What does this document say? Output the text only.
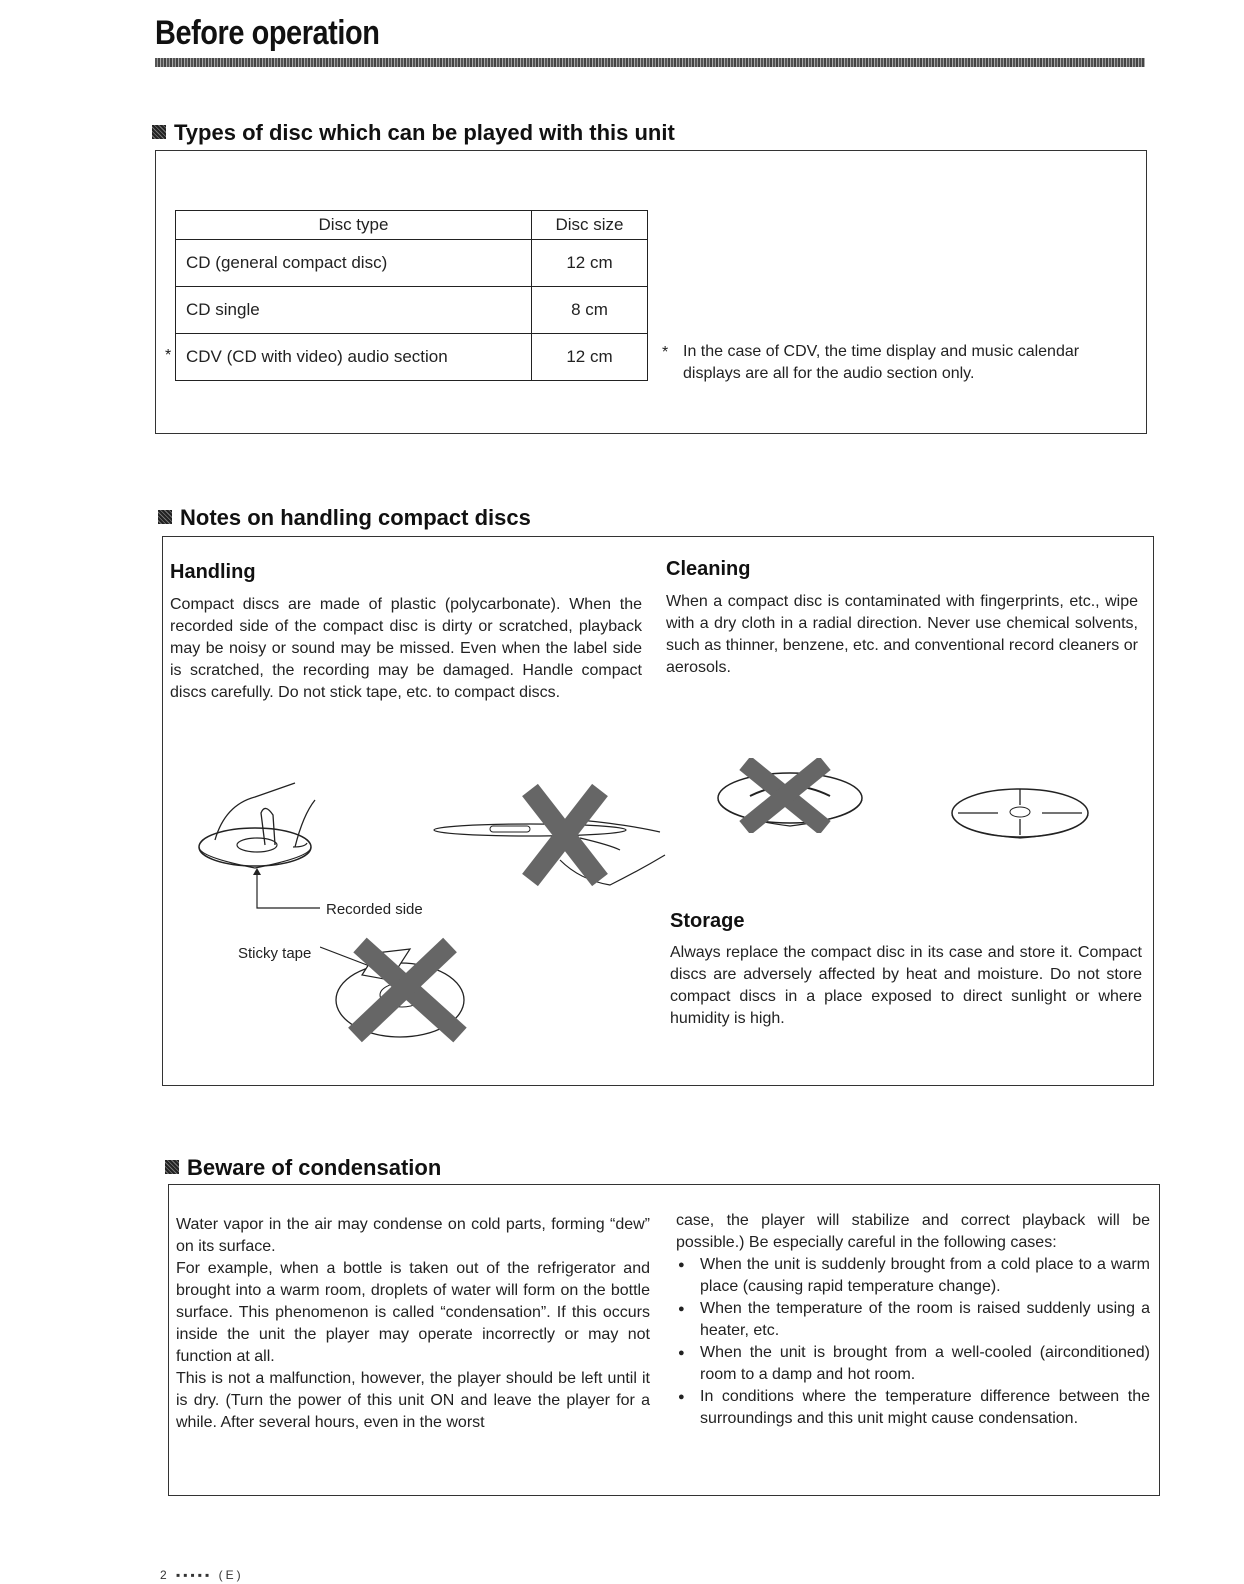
Before operation
Types of disc which can be played with this unit
Disc type	Disc size
CD (general compact disc)	12 cm
CD single	8 cm
CDV (CD with video) audio section	12 cm
*	* In the case of CDV, the time display and music calendar
displays are all for the audio section only.
Notes on handling compact discs
Handling
Compact discs are made of plastic (polycarbonate). When the recorded side of the compact disc is dirty or scratched, playback may be noisy or sound may be missed. Even when the label side is scratched, the recording may be damaged. Handle compact discs carefully. Do not stick tape, etc. to compact discs.
Cleaning
When a compact disc is contaminated with fingerprints, etc., wipe with a dry cloth in a radial direction. Never use chemical solvents, such as thinner, benzene, etc. and conventional record cleaners or aerosols.
Recorded side
Sticky tape
Storage
Always replace the compact disc in its case and store it. Compact discs are adversely affected by heat and moisture. Do not store compact discs in a place exposed to direct sunlight or where humidity is high.
Beware of condensation
Water vapor in the air may condense on cold parts, forming “dew” on its surface.
For example, when a bottle is taken out of the refrigerator and brought into a warm room, droplets of water will form on the bottle surface. This phenomenon is called “condensation”. If this occurs inside the unit the player may operate incorrectly or may not function at all.
This is not a malfunction, however, the player should be left until it is dry. (Turn the power of this unit ON and leave the player for a while. After several hours, even in the worst
case, the player will stabilize and correct playback will be possible.) Be especially careful in the following cases:
● When the unit is suddenly brought from a cold place to a warm place (causing rapid temperature change).
● When the temperature of the room is raised suddenly using a heater, etc.
● When the unit is brought from a well-cooled (airconditioned) room to a damp and hot room.
● In conditions where the temperature difference between the surroundings and this unit might cause condensation.
2 ▪▪▪▪▪ (E)
